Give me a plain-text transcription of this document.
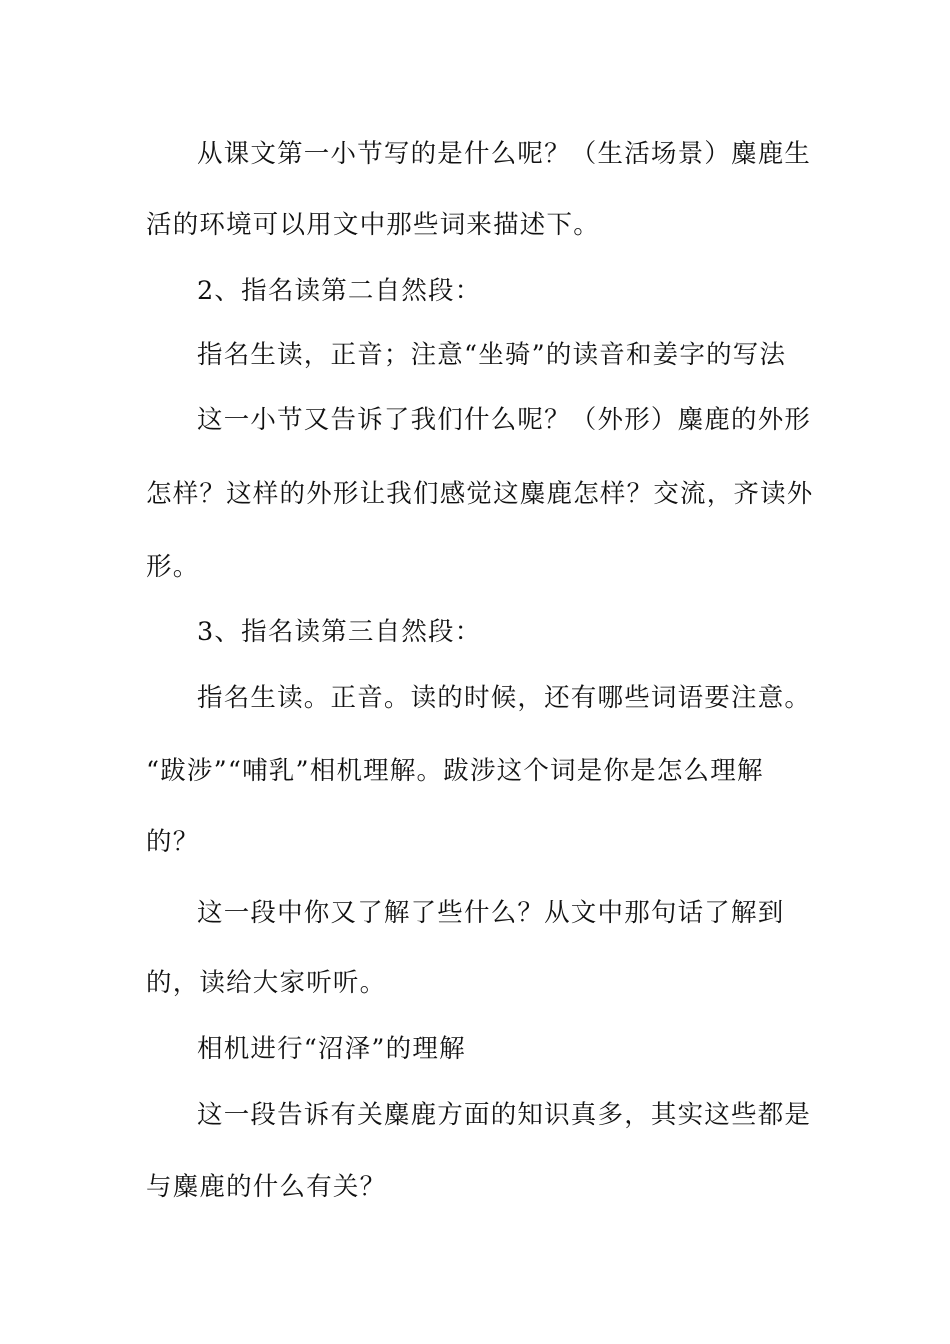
从课文第一小节写的是什么呢？（生活场景）麋鹿生
活的环境可以用文中那些词来描述下。
2、指名读第二自然段：
指名生读，正音；注意“坐骑”的读音和姜字的写法
这一小节又告诉了我们什么呢？（外形）麋鹿的外形
怎样？这样的外形让我们感觉这麋鹿怎样？交流，齐读外
形。
3、指名读第三自然段：
指名生读。正音。读的时候，还有哪些词语要注意。
“跋涉”“哺乳”相机理解。跋涉这个词是你是怎么理解
的？
这一段中你又了解了些什么？从文中那句话了解到
的，读给大家听听。
相机进行“沼泽”的理解
这一段告诉有关麋鹿方面的知识真多，其实这些都是
与麋鹿的什么有关？
